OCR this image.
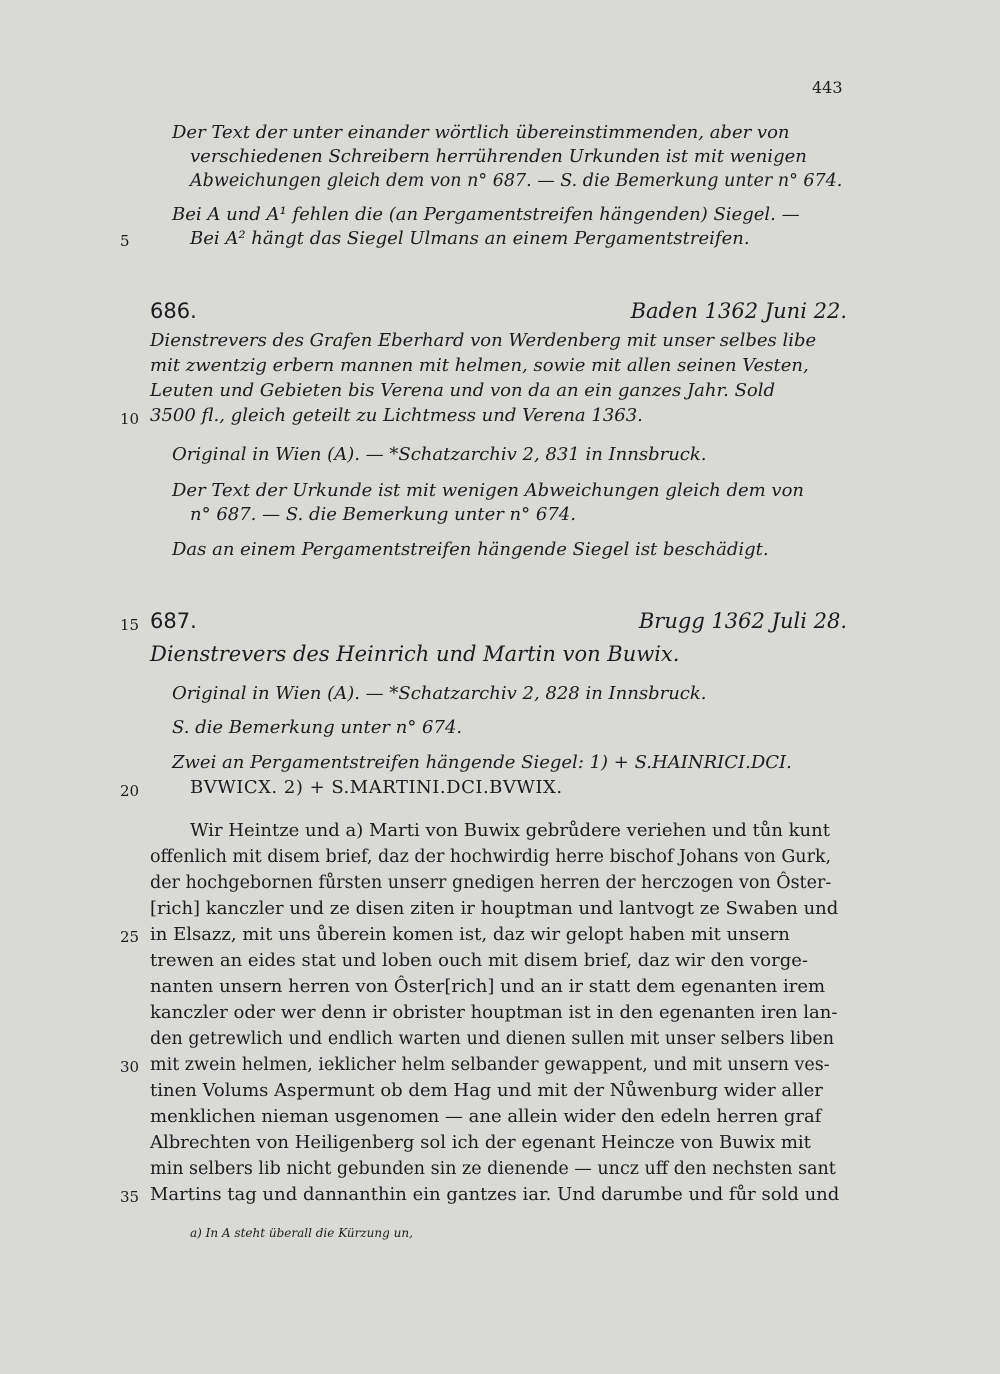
443
Der Text der unter einander wörtlich übereinstimmenden, aber von
verschiedenen Schreibern herrührenden Urkunden ist mit wenigen
Abweichungen gleich dem von n° 687. — S. die Bemerkung unter n° 674.
Bei A und A¹ fehlen die (an Pergamentstreifen hängenden) Siegel. —
5	Bei A² hängt das Siegel Ulmans an einem Pergamentstreifen.
686.	Baden 1362 Juni 22.
Dienstrevers des Grafen Eberhard von Werdenberg mit unser selbes libe
mit zwentzig erbern mannen mit helmen, sowie mit allen seinen Vesten,
Leuten und Gebieten bis Verena und von da an ein ganzes Jahr. Sold
10 3500 fl., gleich geteilt zu Lichtmess und Verena 1363.
Original in Wien (A). — *Schatzarchiv 2, 831 in Innsbruck.
Der Text der Urkunde ist mit wenigen Abweichungen gleich dem von
n° 687. — S. die Bemerkung unter n° 674.
Das an einem Pergamentstreifen hängende Siegel ist beschädigt.
15 687.	Brugg 1362 Juli 28.
Dienstrevers des Heinrich und Martin von Buwix.
Original in Wien (A). — *Schatzarchiv 2, 828 in Innsbruck.
S. die Bemerkung unter n° 674.
Zwei an Pergamentstreifen hängende Siegel: 1) + S.HAINRICI.DCI.
20	BVWICX. 2) + S.MARTINI.DCI.BVWIX.
Wir Heintze und a) Marti von Buwix gebrůdere veriehen und tůn kunt
offenlich mit disem brief, daz der hochwirdig herre bischof Johans von Gurk,
der hochgebornen fůrsten unserr gnedigen herren der herczogen von Ôster-
[rich] kanczler und ze disen ziten ir houptman und lantvogt ze Swaben und
25 in Elsazz, mit uns ůberein komen ist, daz wir gelopt haben mit unsern
trewen an eides stat und loben ouch mit disem brief, daz wir den vorge-
nanten unsern herren von Ôster[rich] und an ir statt dem egenanten irem
kanczler oder wer denn ir obrister houptman ist in den egenanten iren lan-
den getrewlich und endlich warten und dienen sullen mit unser selbers liben
30 mit zwein helmen, ieklicher helm selbander gewappent, und mit unsern ves-
tinen Volums Aspermunt ob dem Hag und mit der Nůwenburg wider aller
menklichen nieman usgenomen — ane allein wider den edeln herren graf
Albrechten von Heiligenberg sol ich der egenant Heincze von Buwix mit
min selbers lib nicht gebunden sin ze dienende — uncz uff den nechsten sant
35 Martins tag und dannanthin ein gantzes iar. Und darumbe und fůr sold und
a) In A steht überall die Kürzung un,
